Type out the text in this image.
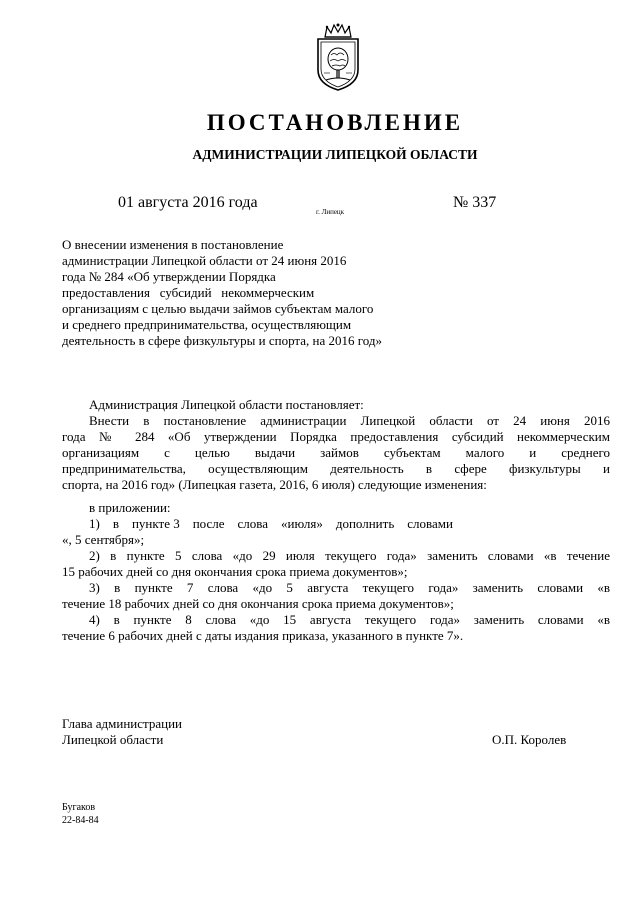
ПОСТАНОВЛЕНИЕ
АДМИНИСТРАЦИИ ЛИПЕЦКОЙ ОБЛАСТИ
01 августа 2016 года
г. Липецк
№ 337
О внесении изменения в постановление
администрации Липецкой области от 24 июня 2016
года № 284 «Об утверждении Порядка
предоставления   субсидий   некоммерческим
организациям с целью выдачи займов субъектам малого
и среднего предпринимательства, осуществляющим
деятельность в сфере физкультуры и спорта, на 2016 год»
Администрация Липецкой области постановляет:
Внести в постановление администрации Липецкой области от 24 июня 2016
года № 284 «Об утверждении Порядка предоставления субсидий некоммерческим
организациям с целью выдачи займов субъектам малого и среднего
предпринимательства, осуществляющим деятельность в сфере физкультуры и
спорта, на 2016 год» (Липецкая газета, 2016, 6 июля) следующие изменения:
в приложении:
1)    в    пункте 3    после    слова    «июля»    дополнить    словами
«, 5 сентября»;
2) в пункте 5 слова «до 29 июля текущего года» заменить словами «в течение
15 рабочих дней со дня окончания срока приема документов»;
3) в пункте 7 слова «до 5 августа текущего года» заменить словами «в
течение 18 рабочих дней со дня окончания срока приема документов»;
4) в пункте 8 слова «до 15 августа текущего года» заменить словами «в
течение 6 рабочих дней с даты издания приказа, указанного в пункте 7».
Глава администрации
Липецкой области	О.П. Королев
Бугаков
22-84-84
